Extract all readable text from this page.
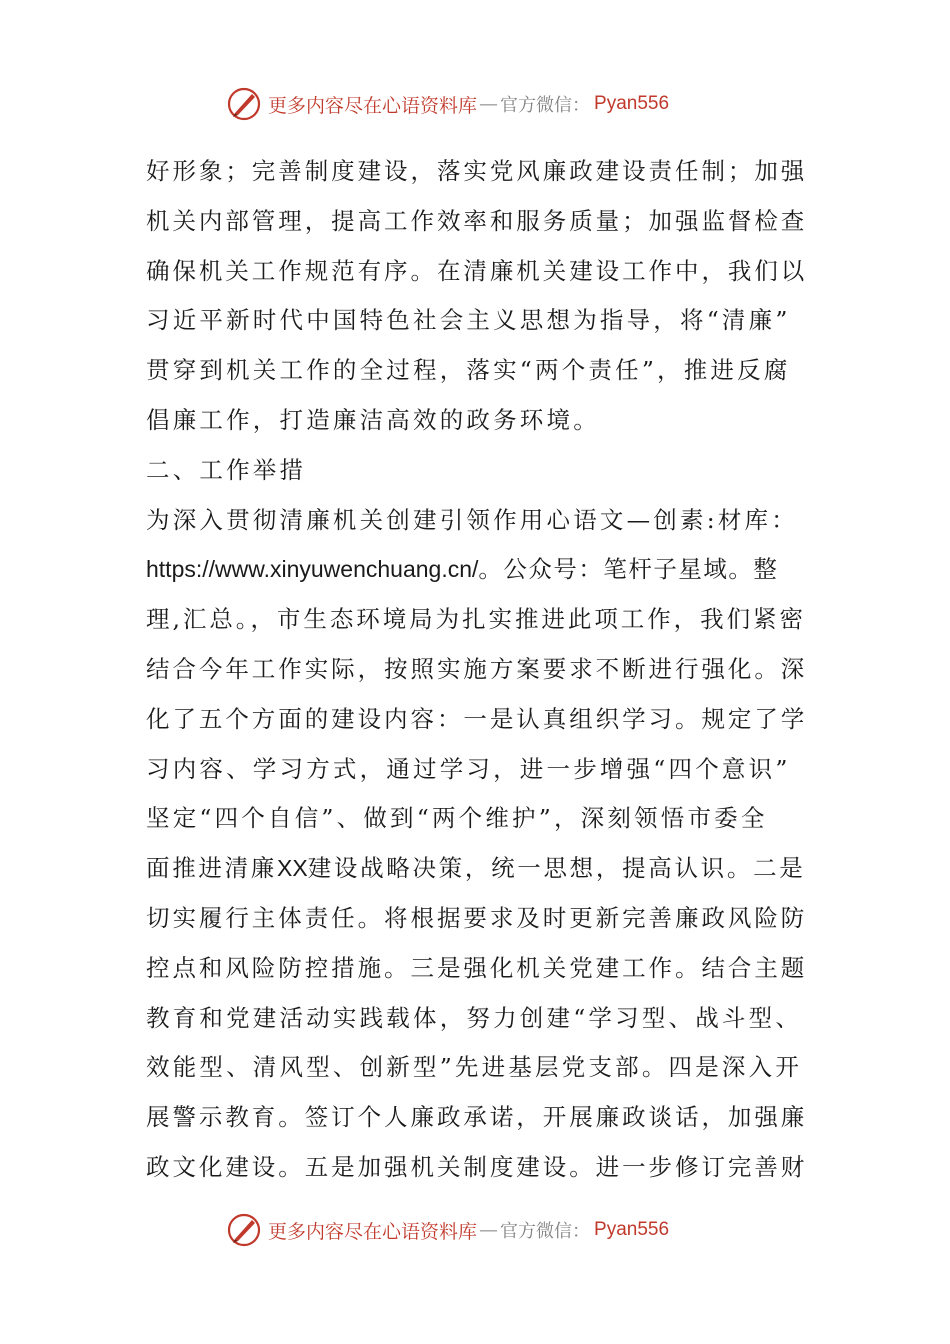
更多内容尽在心语资料库 — 官方微信： Pyan556
好形象；完善制度建设，落实党风廉政建设责任制；加强
机关内部管理，提高工作效率和服务质量；加强监督检查
确保机关工作规范有序。在清廉机关建设工作中，我们以
习近平新时代中国特色社会主义思想为指导，将“清廉”
贯穿到机关工作的全过程，落实“两个责任”，推进反腐
倡廉工作，打造廉洁高效的政务环境。
二、工作举措
为深入贯彻清廉机关创建引领作用心语文—创素:材库：
https://www.xinyuwenchuang.cn/。公众号：笔杆子星域。整
理,汇总。，市生态环境局为扎实推进此项工作，我们紧密
结合今年工作实际，按照实施方案要求不断进行强化。深
化了五个方面的建设内容：一是认真组织学习。规定了学
习内容、学习方式，通过学习，进一步增强“四个意识”
坚定“四个自信”、做到“两个维护”，深刻领悟市委全
面推进清廉XX建设战略决策，统一思想，提高认识。二是
切实履行主体责任。将根据要求及时更新完善廉政风险防
控点和风险防控措施。三是强化机关党建工作。结合主题
教育和党建活动实践载体，努力创建“学习型、战斗型、
效能型、清风型、创新型”先进基层党支部。四是深入开
展警示教育。签订个人廉政承诺，开展廉政谈话，加强廉
政文化建设。五是加强机关制度建设。进一步修订完善财
更多内容尽在心语资料库 — 官方微信： Pyan556
